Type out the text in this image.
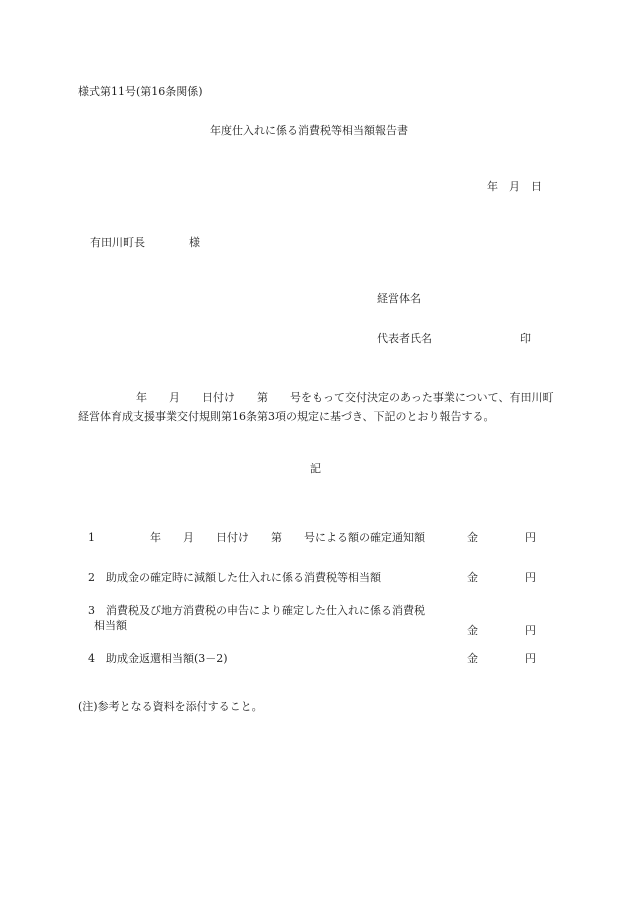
様式第11号(第16条関係)
年度仕入れに係る消費税等相当額報告書
年　月　日
有田川町長	様
経営体名
代表者氏名	印
年　　月　　日付け　　第　　号をもって交付決定のあった事業について、有田川町経営体育成支援事業交付規則第16条第3項の規定に基づき、下記のとおり報告する。
記
1　　　　　年　　月　　日付け　　第　　号による額の確定通知額	金	円
2　助成金の確定時に減額した仕入れに係る消費税等相当額	金	円
3　消費税及び地方消費税の申告により確定した仕入れに係る消費税
相当額	金	円
4　助成金返還相当額(3－2)	金	円
(注)参考となる資料を添付すること。
